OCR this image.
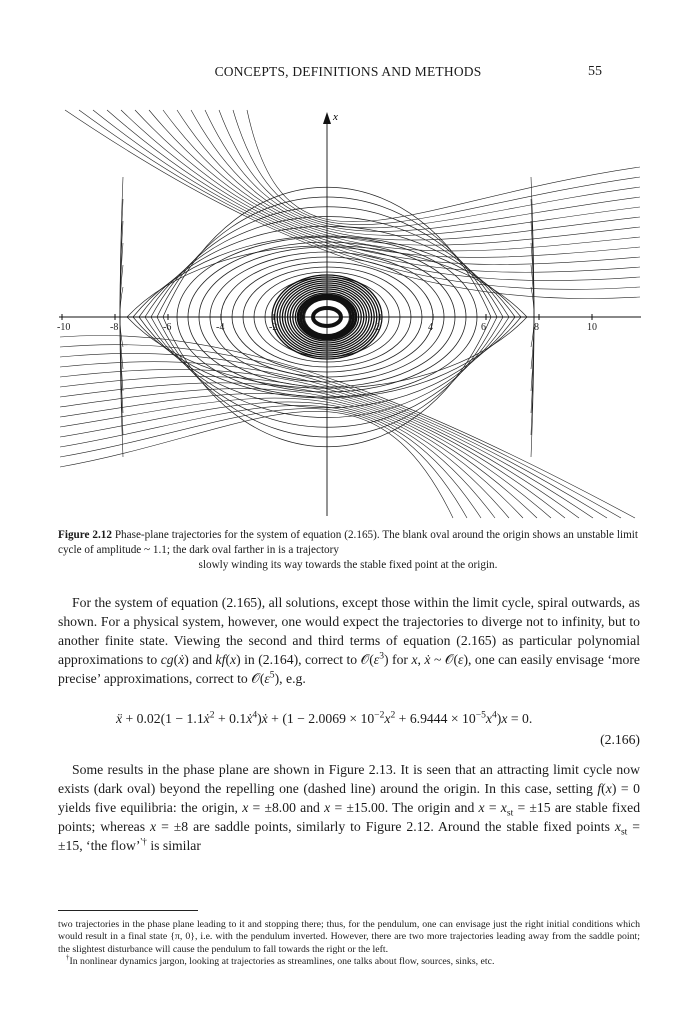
CONCEPTS, DEFINITIONS AND METHODS	55
x
-10	-8	-6	-4	-2	2	4	6	8	10
Figure 2.12 Phase-plane trajectories for the system of equation (2.165). The blank oval around the origin shows an unstable limit cycle of amplitude ~ 1.1; the dark oval farther in is a trajectory
slowly winding its way towards the stable fixed point at the origin.
For the system of equation (2.165), all solutions, except those within the limit cycle, spiral outwards, as shown. For a physical system, however, one would expect the trajectories to diverge not to infinity, but to another finite state. Viewing the second and third terms of equation (2.165) as particular polynomial approximations to cg(ẋ) and kf(x) in (2.164), correct to $𝒪(\varepsilon^3)$ for x, ẋ ~ 𝒪(ε), one can easily envisage ‘more precise’ approximations, correct to $𝒪(\varepsilon^5)$, e.g.
ẍ + 0.02(1 − 1.1ẋ$^2$ + 0.1ẋ$^4$)ẋ + $(1 - 2.0069 \times 10^{-2}x^2 + 6.9444 \times 10^{-5}x^4)x = 0$.
(2.166)
Some results in the phase plane are shown in Figure 2.13. It is seen that an attracting limit cycle now exists (dark oval) beyond the repelling one (dashed line) around the origin. In this case, setting f(x) = 0 yields five equilibria: the origin, x = ±8.00 and x = ±15.00. The origin and $x = x_{st} = \pm 15$ are stable fixed points; whereas x = ±8 are saddle points, similarly to Figure 2.12. Around the stable fixed points $x_{st} = \pm 15$, ‘the flow’'† is similar

two trajectories in the phase plane leading to it and stopping there; thus, for the pendulum, one can envisage just the right initial conditions which would result in a final state {π, 0}, i.e. with the pendulum inverted. However, there are two more trajectories leading away from the saddle point; the slightest disturbance will cause the pendulum to fall towards the right or the left.

†In nonlinear dynamics jargon, looking at trajectories as streamlines, one talks about flow, sources, sinks, etc.
